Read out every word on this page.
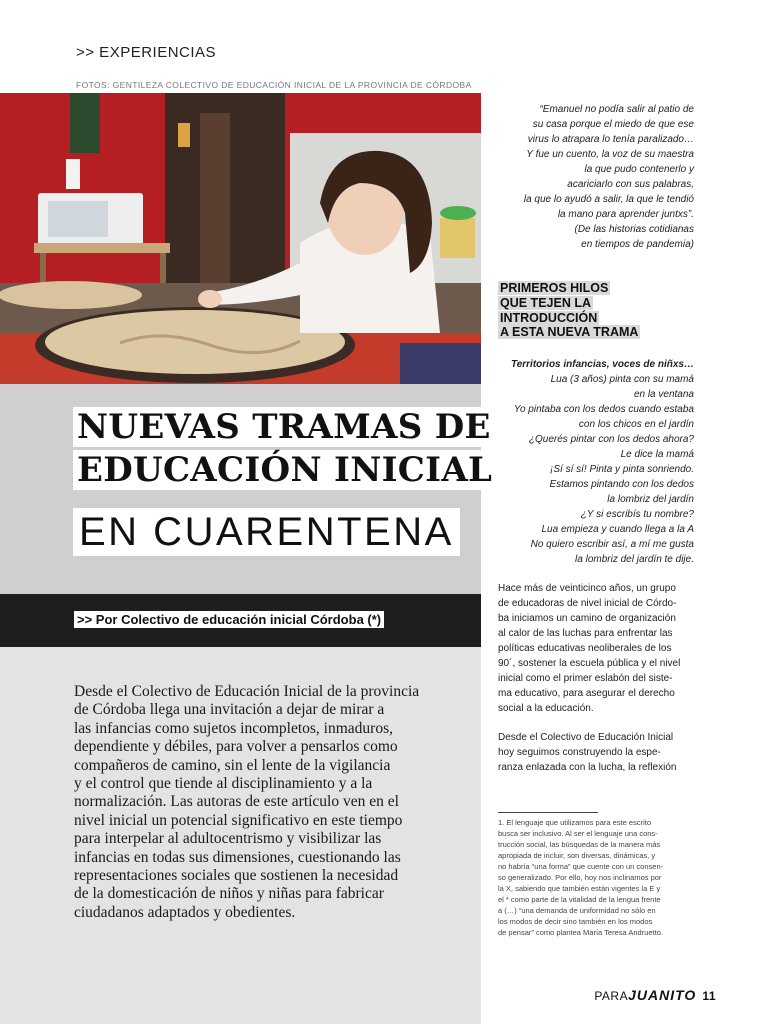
>> EXPERIENCIAS
FOTOS: GENTILEZA COLECTIVO DE EDUCACIÓN INICIAL DE LA PROVINCIA DE CÓRDOBA
NUEVAS TRAMAS DE
EDUCACIÓN INICIAL
EN CUARENTENA
>> Por Colectivo de educación inicial Córdoba (*)
Desde el Colectivo de Educación Inicial de la provincia
de Córdoba llega una invitación a dejar de mirar a
las infancias como sujetos incompletos, inmaduros,
dependiente y débiles, para volver a pensarlos como
compañeros de camino, sin el lente de la vigilancia
y el control que tiende al disciplinamiento y a la
normalización. Las autoras de este artículo ven en el
nivel inicial un potencial significativo en este tiempo
para interpelar al adultocentrismo y visibilizar las
infancias en todas sus dimensiones, cuestionando las
representaciones sociales que sostienen la necesidad
de la domesticación de niños y niñas para fabricar
ciudadanos adaptados y obedientes.
“Emanuel no podía salir al patio de
su casa porque el miedo de que ese
virus lo atrapara lo tenía paralizado…
Y fue un cuento, la voz de su maestra
la que pudo contenerlo y
acariciarlo con sus palabras,
la que lo ayudó a salir, la que le tendió
la mano para aprender juntxs”.
(De las historias cotidianas
en tiempos de pandemia)
PRIMEROS HILOS
QUE TEJEN LA
INTRODUCCIÓN
A ESTA NUEVA TRAMA
Territorios infancias, voces de niñxs…
Lua (3 años) pinta con su mamá
en la ventana
Yo pintaba con los dedos cuando estaba
con los chicos en el jardín
¿Querés pintar con los dedos ahora?
Le dice la mamá
¡Sí sí sí! Pinta y pinta sonriendo.
Estamos pintando con los dedos
la lombriz del jardín
¿Y si escribís tu nombre?
Lua empieza y cuando llega a la A
No quiero escribir así, a mí me gusta
la lombriz del jardín te dije.
Hace más de veinticinco años, un grupo
de educadoras de nivel inicial de Córdo-
ba iniciamos un camino de organización
al calor de las luchas para enfrentar las
políticas educativas neoliberales de los
90´, sostener la escuela pública y el nivel
inicial como el primer eslabón del siste-
ma educativo, para asegurar el derecho
social a la educación.
Desde el Colectivo de Educación Inicial
hoy seguimos construyendo la espe-
ranza enlazada con la lucha, la reflexión
1. El lenguaje que utilizamos para este escrito
busca ser inclusivo. Al ser el lenguaje una cons-
trucción social, las búsquedas de la manera más
apropiada de incluir, son diversas, dinámicas, y
no habría “una forma” que cuente con un consen-
so generalizado. Por ello, hoy nos inclinamos por
la X, sabiendo que también están vigentes la E y
el * como parte de la vitalidad de la lengua frente
a (…) “una demanda de uniformidad no sólo en
los modos de decir sino también en los modos
de pensar” como plantea María Teresa Andruetto.
PARAJUANITO 11
